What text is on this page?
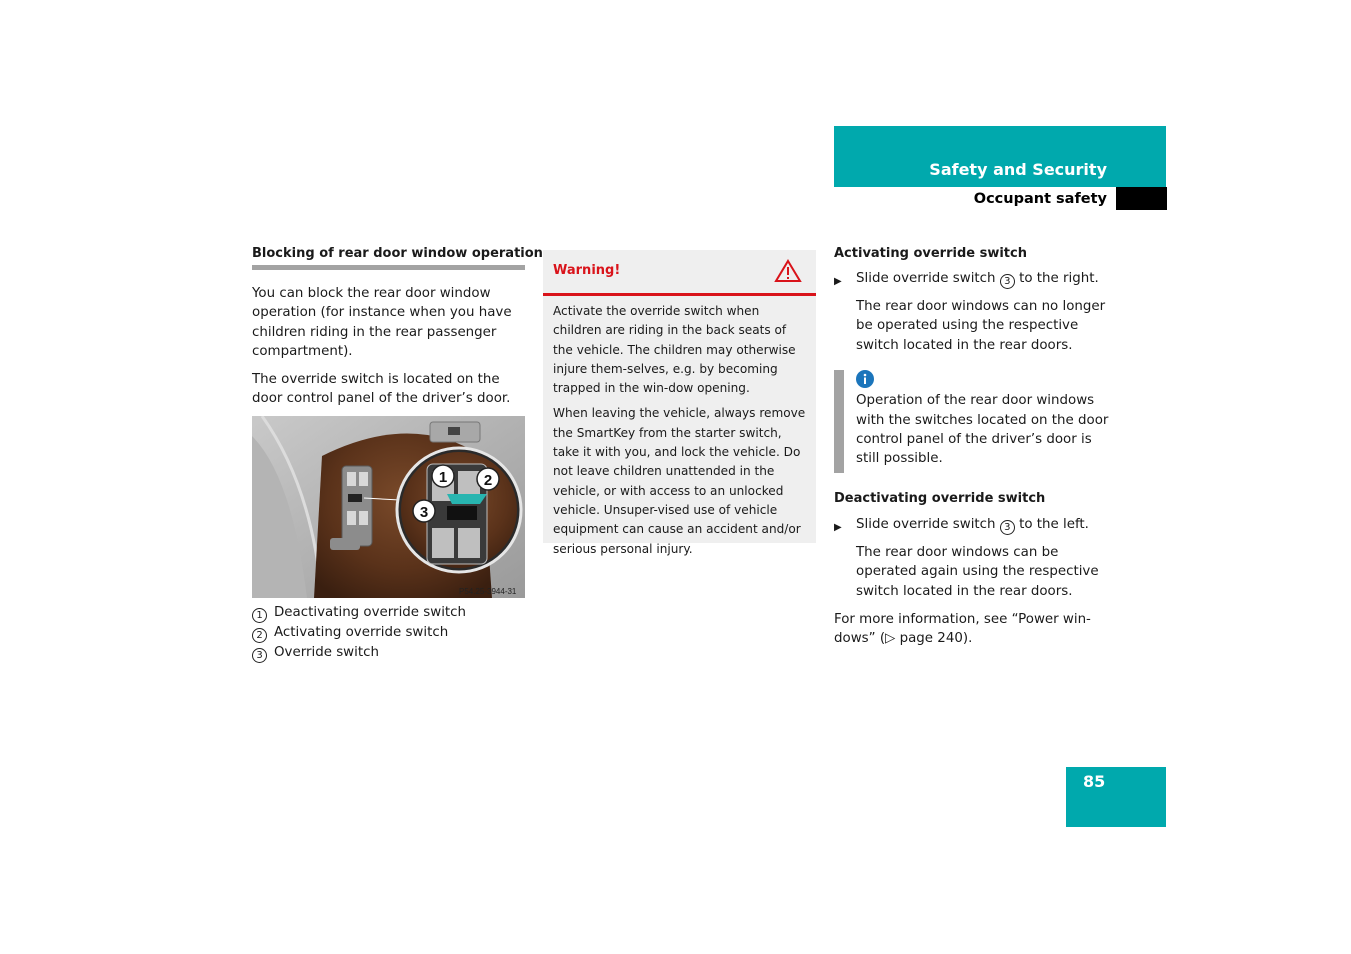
Safety and Security
Occupant safety
Blocking of rear door window operation

You can block the rear door window operation (for instance when you have children riding in the rear passenger compartment).

The override switch is located on the door control panel of the driver’s door.

1 2
3
P54.25-3944-31
1 Deactivating override switch
2 Activating override switch
3 Override switch
Warning!

Activate the override switch when children are riding in the back seats of the vehicle. The children may otherwise injure them-selves, e.g. by becoming trapped in the win-dow opening.

When leaving the vehicle, always remove the SmartKey from the starter switch, take it with you, and lock the vehicle. Do not leave children unattended in the vehicle, or with access to an unlocked vehicle. Unsuper-vised use of vehicle equipment can cause an accident and/or serious personal injury.

Activating override switch
▶ Slide override switch 3 to the right.

The rear door windows can no longer be operated using the respective switch located in the rear doors.

Operation of the rear door windows with the switches located on the door control panel of the driver’s door is still possible.

Deactivating override switch
▶ Slide override switch 3 to the left.

The rear door windows can be operated again using the respective switch located in the rear doors.

For more information, see “Power win-dows” (▷ page 240).

85
